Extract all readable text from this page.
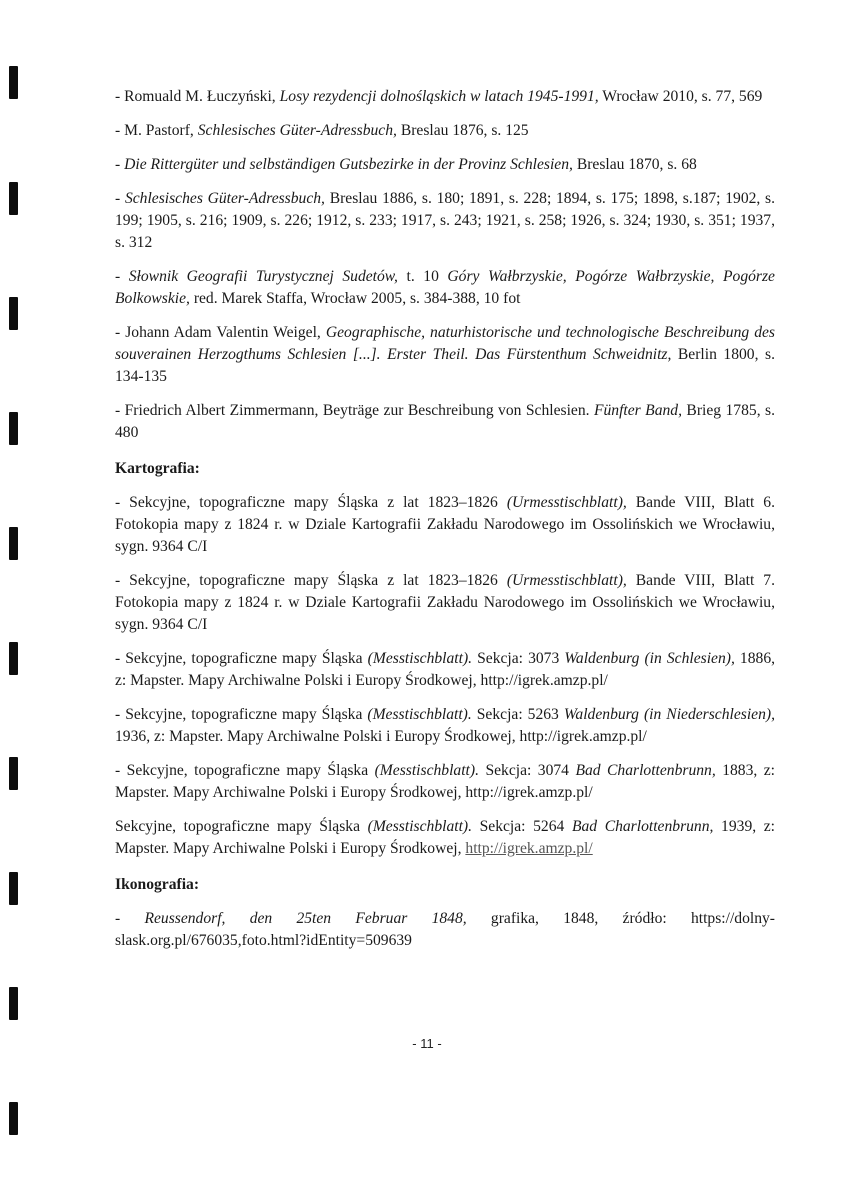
- Romuald M. Łuczyński, Losy rezydencji dolnośląskich w latach 1945-1991, Wrocław 2010, s. 77, 569

- M. Pastorf, Schlesisches Güter-Adressbuch, Breslau 1876, s. 125

- Die Rittergüter und selbständigen Gutsbezirke in der Provinz Schlesien, Breslau 1870, s. 68

- Schlesisches Güter-Adressbuch, Breslau 1886, s. 180; 1891, s. 228; 1894, s. 175; 1898, s.187; 1902, s. 199; 1905, s. 216; 1909, s. 226; 1912, s. 233; 1917, s. 243; 1921, s. 258; 1926, s. 324; 1930, s. 351; 1937, s. 312

- Słownik Geografii Turystycznej Sudetów, t. 10 Góry Wałbrzyskie, Pogórze Wałbrzyskie, Pogórze Bolkowskie, red. Marek Staffa, Wrocław 2005, s. 384-388, 10 fot

- Johann Adam Valentin Weigel, Geographische, naturhistorische und technologische Beschreibung des souverainen Herzogthums Schlesien [...]. Erster Theil. Das Fürstenthum Schweidnitz, Berlin 1800, s. 134-135

- Friedrich Albert Zimmermann, Beyträge zur Beschreibung von Schlesien. Fünfter Band, Brieg 1785, s. 480

Kartografia:

- Sekcyjne, topograficzne mapy Śląska z lat 1823–1826 (Urmesstischblatt), Bande VIII, Blatt 6. Fotokopia mapy z 1824 r. w Dziale Kartografii Zakładu Narodowego im Ossolińskich we Wrocławiu, sygn. 9364 C/I

- Sekcyjne, topograficzne mapy Śląska z lat 1823–1826 (Urmesstischblatt), Bande VIII, Blatt 7. Fotokopia mapy z 1824 r. w Dziale Kartografii Zakładu Narodowego im Ossolińskich we Wrocławiu, sygn. 9364 C/I

- Sekcyjne, topograficzne mapy Śląska (Messtischblatt). Sekcja: 3073 Waldenburg (in Schlesien), 1886, z: Mapster. Mapy Archiwalne Polski i Europy Środkowej, http://igrek.amzp.pl/

- Sekcyjne, topograficzne mapy Śląska (Messtischblatt). Sekcja: 5263 Waldenburg (in Niederschlesien), 1936, z: Mapster. Mapy Archiwalne Polski i Europy Środkowej, http://igrek.amzp.pl/

- Sekcyjne, topograficzne mapy Śląska (Messtischblatt). Sekcja: 3074 Bad Charlottenbrunn, 1883, z: Mapster. Mapy Archiwalne Polski i Europy Środkowej, http://igrek.amzp.pl/

Sekcyjne, topograficzne mapy Śląska (Messtischblatt). Sekcja: 5264 Bad Charlottenbrunn, 1939, z: Mapster. Mapy Archiwalne Polski i Europy Środkowej, http://igrek.amzp.pl/

Ikonografia:

- Reussendorf, den 25ten Februar 1848, grafika, 1848, źródło: https://dolny-slask.org.pl/676035,foto.html?idEntity=509639

- 11 -
